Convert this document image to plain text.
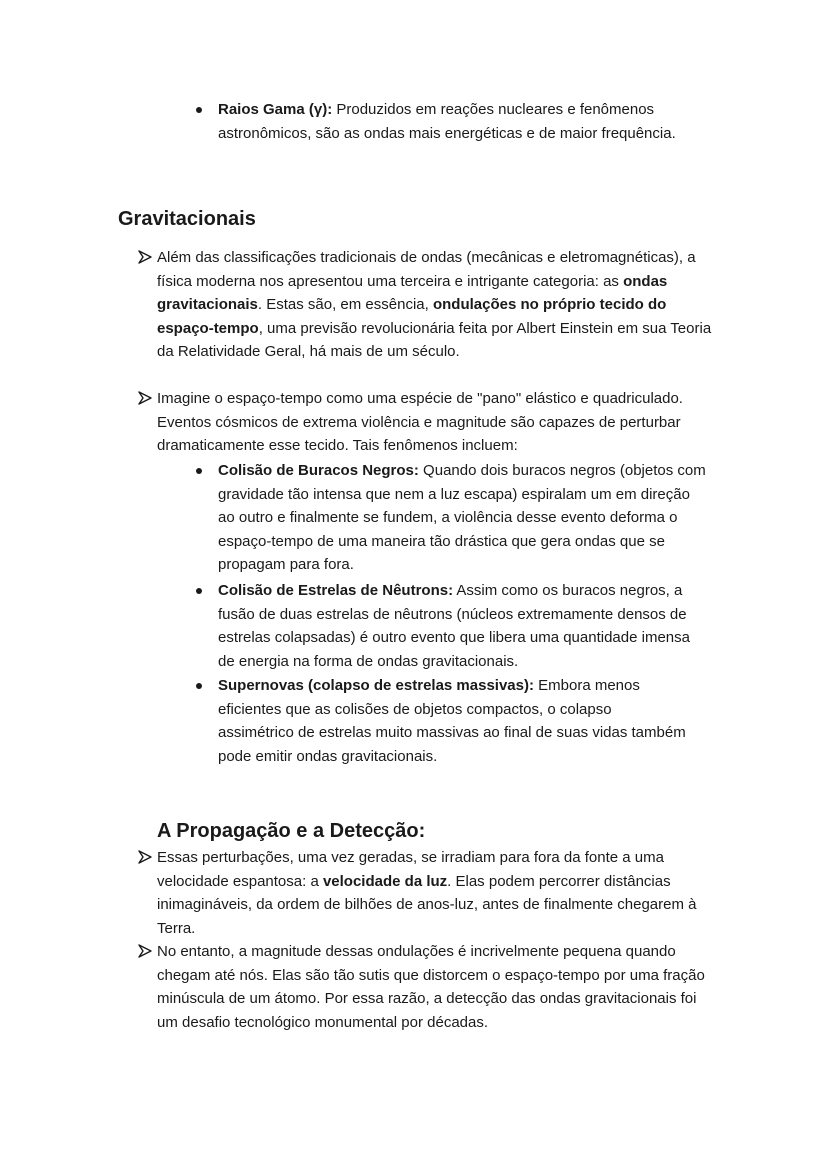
Raios Gama (γ): Produzidos em reações nucleares e fenômenos astronômicos, são as ondas mais energéticas e de maior frequência.
Gravitacionais
Além das classificações tradicionais de ondas (mecânicas e eletromagnéticas), a física moderna nos apresentou uma terceira e intrigante categoria: as ondas gravitacionais. Estas são, em essência, ondulações no próprio tecido do espaço-tempo, uma previsão revolucionária feita por Albert Einstein em sua Teoria da Relatividade Geral, há mais de um século.
Imagine o espaço-tempo como uma espécie de "pano" elástico e quadriculado. Eventos cósmicos de extrema violência e magnitude são capazes de perturbar dramaticamente esse tecido. Tais fenômenos incluem:
Colisão de Buracos Negros: Quando dois buracos negros (objetos com gravidade tão intensa que nem a luz escapa) espiralam um em direção ao outro e finalmente se fundem, a violência desse evento deforma o espaço-tempo de uma maneira tão drástica que gera ondas que se propagam para fora.
Colisão de Estrelas de Nêutrons: Assim como os buracos negros, a fusão de duas estrelas de nêutrons (núcleos extremamente densos de estrelas colapsadas) é outro evento que libera uma quantidade imensa de energia na forma de ondas gravitacionais.
Supernovas (colapso de estrelas massivas): Embora menos eficientes que as colisões de objetos compactos, o colapso assimétrico de estrelas muito massivas ao final de suas vidas também pode emitir ondas gravitacionais.
A Propagação e a Detecção:
Essas perturbações, uma vez geradas, se irradiam para fora da fonte a uma velocidade espantosa: a velocidade da luz. Elas podem percorrer distâncias inimagináveis, da ordem de bilhões de anos-luz, antes de finalmente chegarem à Terra.
No entanto, a magnitude dessas ondulações é incrivelmente pequena quando chegam até nós. Elas são tão sutis que distorcem o espaço-tempo por uma fração minúscula de um átomo. Por essa razão, a detecção das ondas gravitacionais foi um desafio tecnológico monumental por décadas.
